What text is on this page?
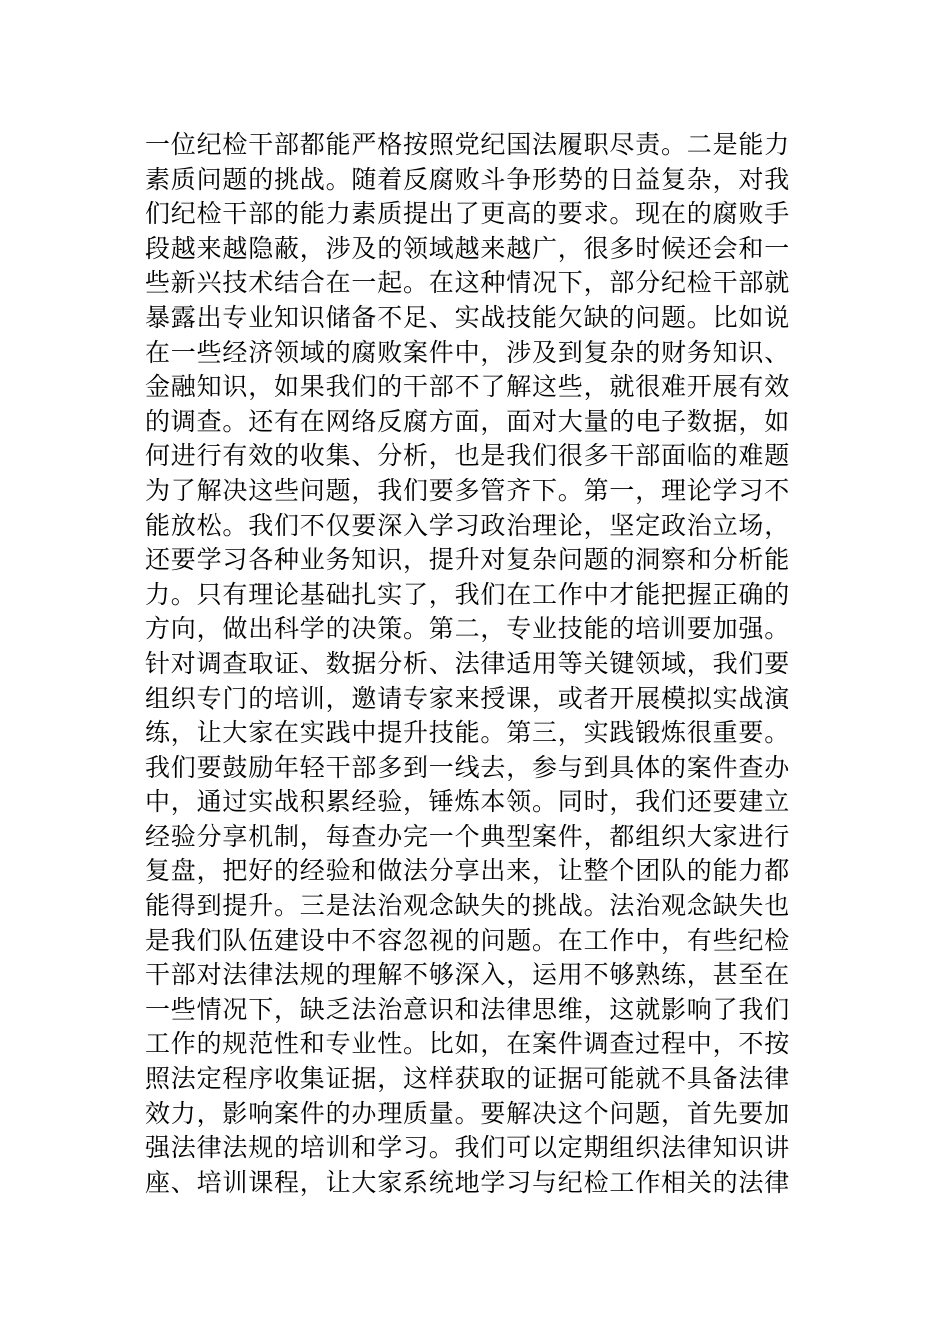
一位纪检干部都能严格按照党纪国法履职尽责。二是能力
素质问题的挑战。随着反腐败斗争形势的日益复杂，对我
们纪检干部的能力素质提出了更高的要求。现在的腐败手
段越来越隐蔽，涉及的领域越来越广，很多时候还会和一
些新兴技术结合在一起。在这种情况下，部分纪检干部就
暴露出专业知识储备不足、实战技能欠缺的问题。比如说
在一些经济领域的腐败案件中，涉及到复杂的财务知识、
金融知识，如果我们的干部不了解这些，就很难开展有效
的调查。还有在网络反腐方面，面对大量的电子数据，如
何进行有效的收集、分析，也是我们很多干部面临的难题
为了解决这些问题，我们要多管齐下。第一，理论学习不
能放松。我们不仅要深入学习政治理论，坚定政治立场，
还要学习各种业务知识，提升对复杂问题的洞察和分析能
力。只有理论基础扎实了，我们在工作中才能把握正确的
方向，做出科学的决策。第二，专业技能的培训要加强。
针对调查取证、数据分析、法律适用等关键领域，我们要
组织专门的培训，邀请专家来授课，或者开展模拟实战演
练，让大家在实践中提升技能。第三，实践锻炼很重要。
我们要鼓励年轻干部多到一线去，参与到具体的案件查办
中，通过实战积累经验，锤炼本领。同时，我们还要建立
经验分享机制，每查办完一个典型案件，都组织大家进行
复盘，把好的经验和做法分享出来，让整个团队的能力都
能得到提升。三是法治观念缺失的挑战。法治观念缺失也
是我们队伍建设中不容忽视的问题。在工作中，有些纪检
干部对法律法规的理解不够深入，运用不够熟练，甚至在
一些情况下，缺乏法治意识和法律思维，这就影响了我们
工作的规范性和专业性。比如，在案件调查过程中，不按
照法定程序收集证据，这样获取的证据可能就不具备法律
效力，影响案件的办理质量。要解决这个问题，首先要加
强法律法规的培训和学习。我们可以定期组织法律知识讲
座、培训课程，让大家系统地学习与纪检工作相关的法律
